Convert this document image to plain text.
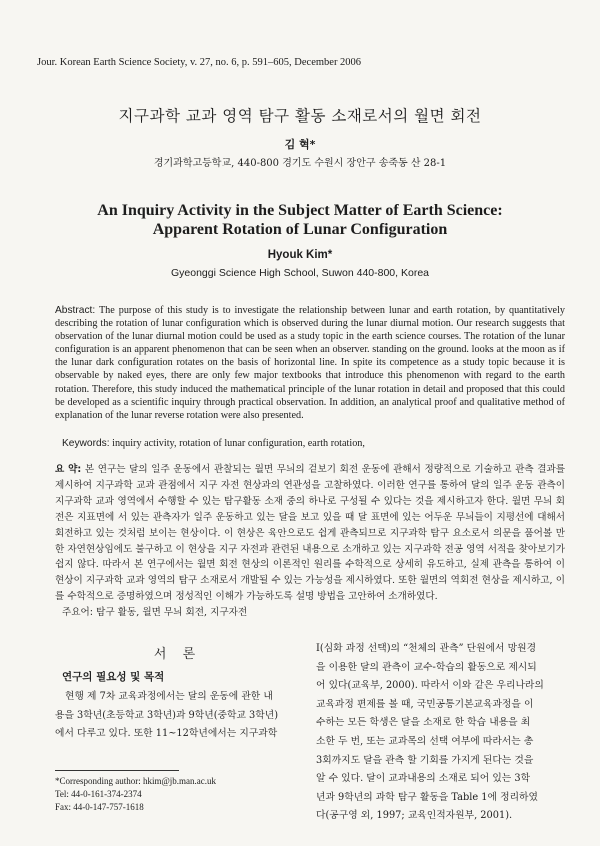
Jour. Korean Earth Science Society, v. 27, no. 6, p. 591–605, December 2006
지구과학 교과 영역 탐구 활동 소재로서의 월면 회전
김 혁*
경기과학고등학교, 440-800 경기도 수원시 장안구 송죽동 산 28-1
An Inquiry Activity in the Subject Matter of Earth Science:
Apparent Rotation of Lunar Configuration
Hyouk Kim*
Gyeonggi Science High School, Suwon 440-800, Korea
Abstract: The purpose of this study is to investigate the relationship between lunar and earth rotation, by quantitatively describing the rotation of lunar configuration which is observed during the lunar diurnal motion. Our research suggests that observation of the lunar diurnal motion could be used as a study topic in the earth science courses. The rotation of the lunar configuration is an apparent phenomenon that can be seen when an observer. standing on the ground. looks at the moon as if the lunar dark configuration rotates on the basis of horizontal line. In spite its competence as a study topic because it is observable by naked eyes, there are only few major textbooks that introduce this phenomenon with regard to the earth rotation. Therefore, this study induced the mathematical principle of the lunar rotation in detail and proposed that this could be developed as a scientific inquiry through practical observation. In addition, an analytical proof and qualitative method of explanation of the lunar reverse rotation were also presented.
Keywords: inquiry activity, rotation of lunar configuration, earth rotation,
요 약: 본 연구는 달의 일주 운동에서 관찰되는 월면 무늬의 겉보기 회전 운동에 관해서 정량적으로 기술하고 관측 결과를 제시하여 지구과학 교과 관점에서 지구 자전 현상과의 연관성을 고찰하였다. 이러한 연구를 통하여 달의 일주 운동 관측이 지구과학 교과 영역에서 수행할 수 있는 탐구활동 소재 중의 하나로 구성될 수 있다는 것을 제시하고자 한다. 월면 무늬 회전은 지표면에 서 있는 관측자가 일주 운동하고 있는 달을 보고 있을 때 달 표면에 있는 어두운 무늬들이 지평선에 대해서 회전하고 있는 것처럼 보이는 현상이다. 이 현상은 육안으로도 쉽게 관측되므로 지구과학 탐구 요소로서 의문을 품어볼 만한 자연현상임에도 불구하고 이 현상을 지구 자전과 관련된 내용으로 소개하고 있는 지구과학 전공 영역 서적을 찾아보기가 쉽지 않다. 따라서 본 연구에서는 월면 회전 현상의 이론적인 원리를 수학적으로 상세히 유도하고, 실제 관측을 통하여 이 현상이 지구과학 교과 영역의 탐구 소재로서 개발될 수 있는 가능성을 제시하였다. 또한 월면의 역회전 현상을 제시하고, 이를 수학적으로 증명하였으며 정성적인 이해가 가능하도록 설명 방법을 고안하여 소개하였다.
주요어: 탐구 활동, 월면 무늬 회전, 지구자전
서 론
연구의 필요성 및 목적
현행 제 7차 교육과정에서는 달의 운동에 관한 내
용을 3학년(초등학교 3학년)과 9학년(중학교 3학년)
에서 다루고 있다. 또한 11~12학년에서는 지구과학
I(심화 과정 선택)의 “천체의 관측” 단원에서 망원경
을 이용한 달의 관측이 교수-학습의 활동으로 제시되
어 있다(교육부, 2000). 따라서 이와 같은 우리나라의
교육과정 편제를 볼 때, 국민공통기본교육과정을 이
수하는 모든 학생은 달을 소재로 한 학습 내용을 최
소한 두 번, 또는 교과목의 선택 여부에 따라서는 총
3회까지도 달을 관측 할 기회를 가지게 된다는 것을
알 수 있다. 달이 교과내용의 소재로 되어 있는 3학
년과 9학년의 과학 탐구 활동을 Table 1에 정리하였
다(공구영 외, 1997; 교육인적자원부, 2001).
*Corresponding author: hkim@jb.man.ac.uk
Tel: 44-0-161-374-2374
Fax: 44-0-147-757-1618
